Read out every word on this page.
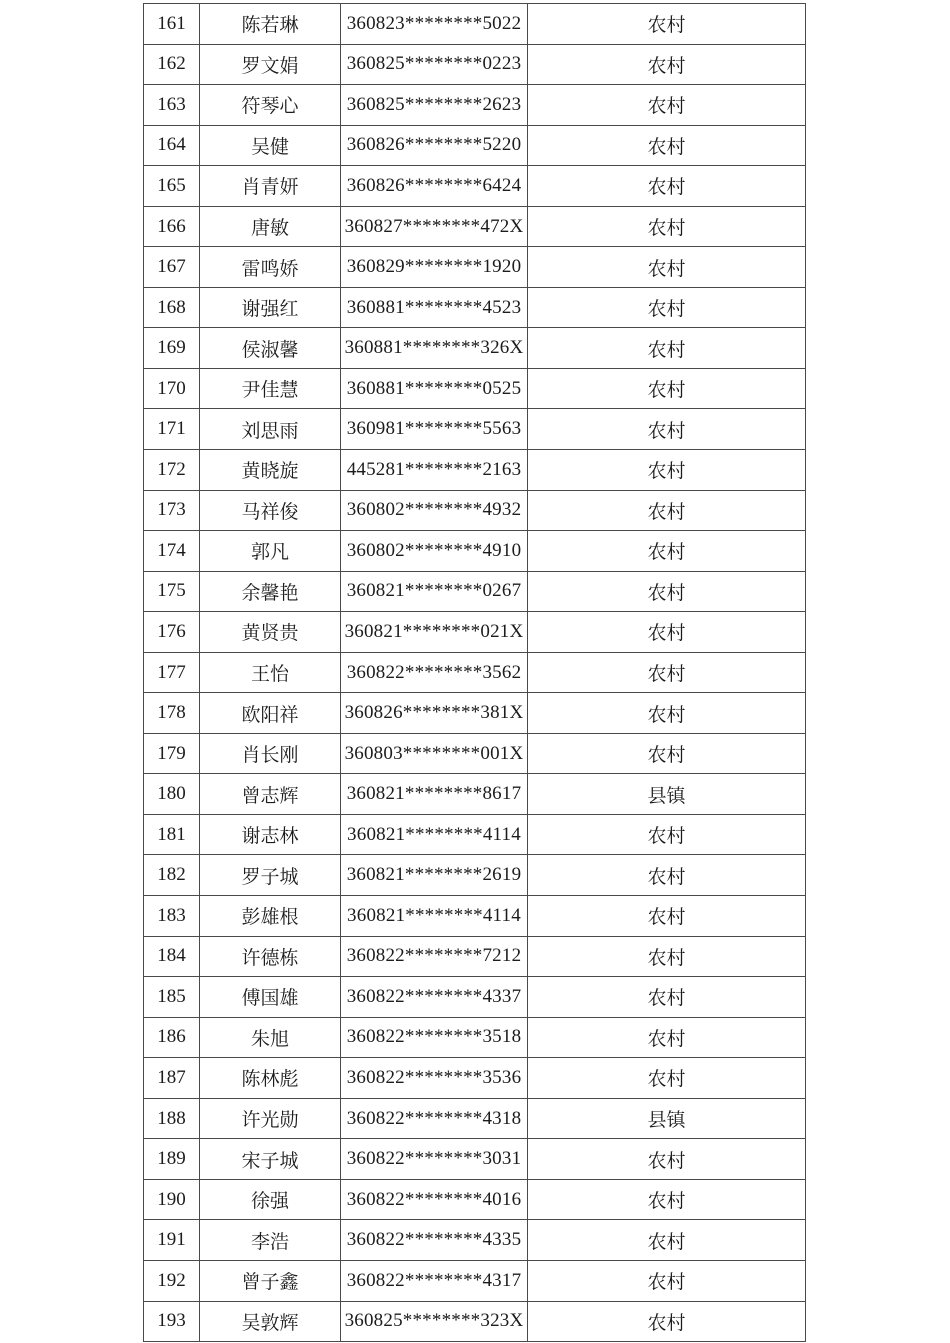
161	陈若琳	360823********5022	农村
162	罗文娟	360825********0223	农村
163	符琴心	360825********2623	农村
164	吴健	360826********5220	农村
165	肖青妍	360826********6424	农村
166	唐敏	360827********472X	农村
167	雷鸣娇	360829********1920	农村
168	谢强红	360881********4523	农村
169	侯淑馨	360881********326X	农村
170	尹佳慧	360881********0525	农村
171	刘思雨	360981********5563	农村
172	黄晓旋	445281********2163	农村
173	马祥俊	360802********4932	农村
174	郭凡	360802********4910	农村
175	余馨艳	360821********0267	农村
176	黄贤贵	360821********021X	农村
177	王怡	360822********3562	农村
178	欧阳祥	360826********381X	农村
179	肖长刚	360803********001X	农村
180	曾志辉	360821********8617	县镇
181	谢志林	360821********4114	农村
182	罗子城	360821********2619	农村
183	彭雄根	360821********4114	农村
184	许德栋	360822********7212	农村
185	傅国雄	360822********4337	农村
186	朱旭	360822********3518	农村
187	陈林彪	360822********3536	农村
188	许光勋	360822********4318	县镇
189	宋子城	360822********3031	农村
190	徐强	360822********4016	农村
191	李浩	360822********4335	农村
192	曾子鑫	360822********4317	农村
193	吴敦辉	360825********323X	农村
